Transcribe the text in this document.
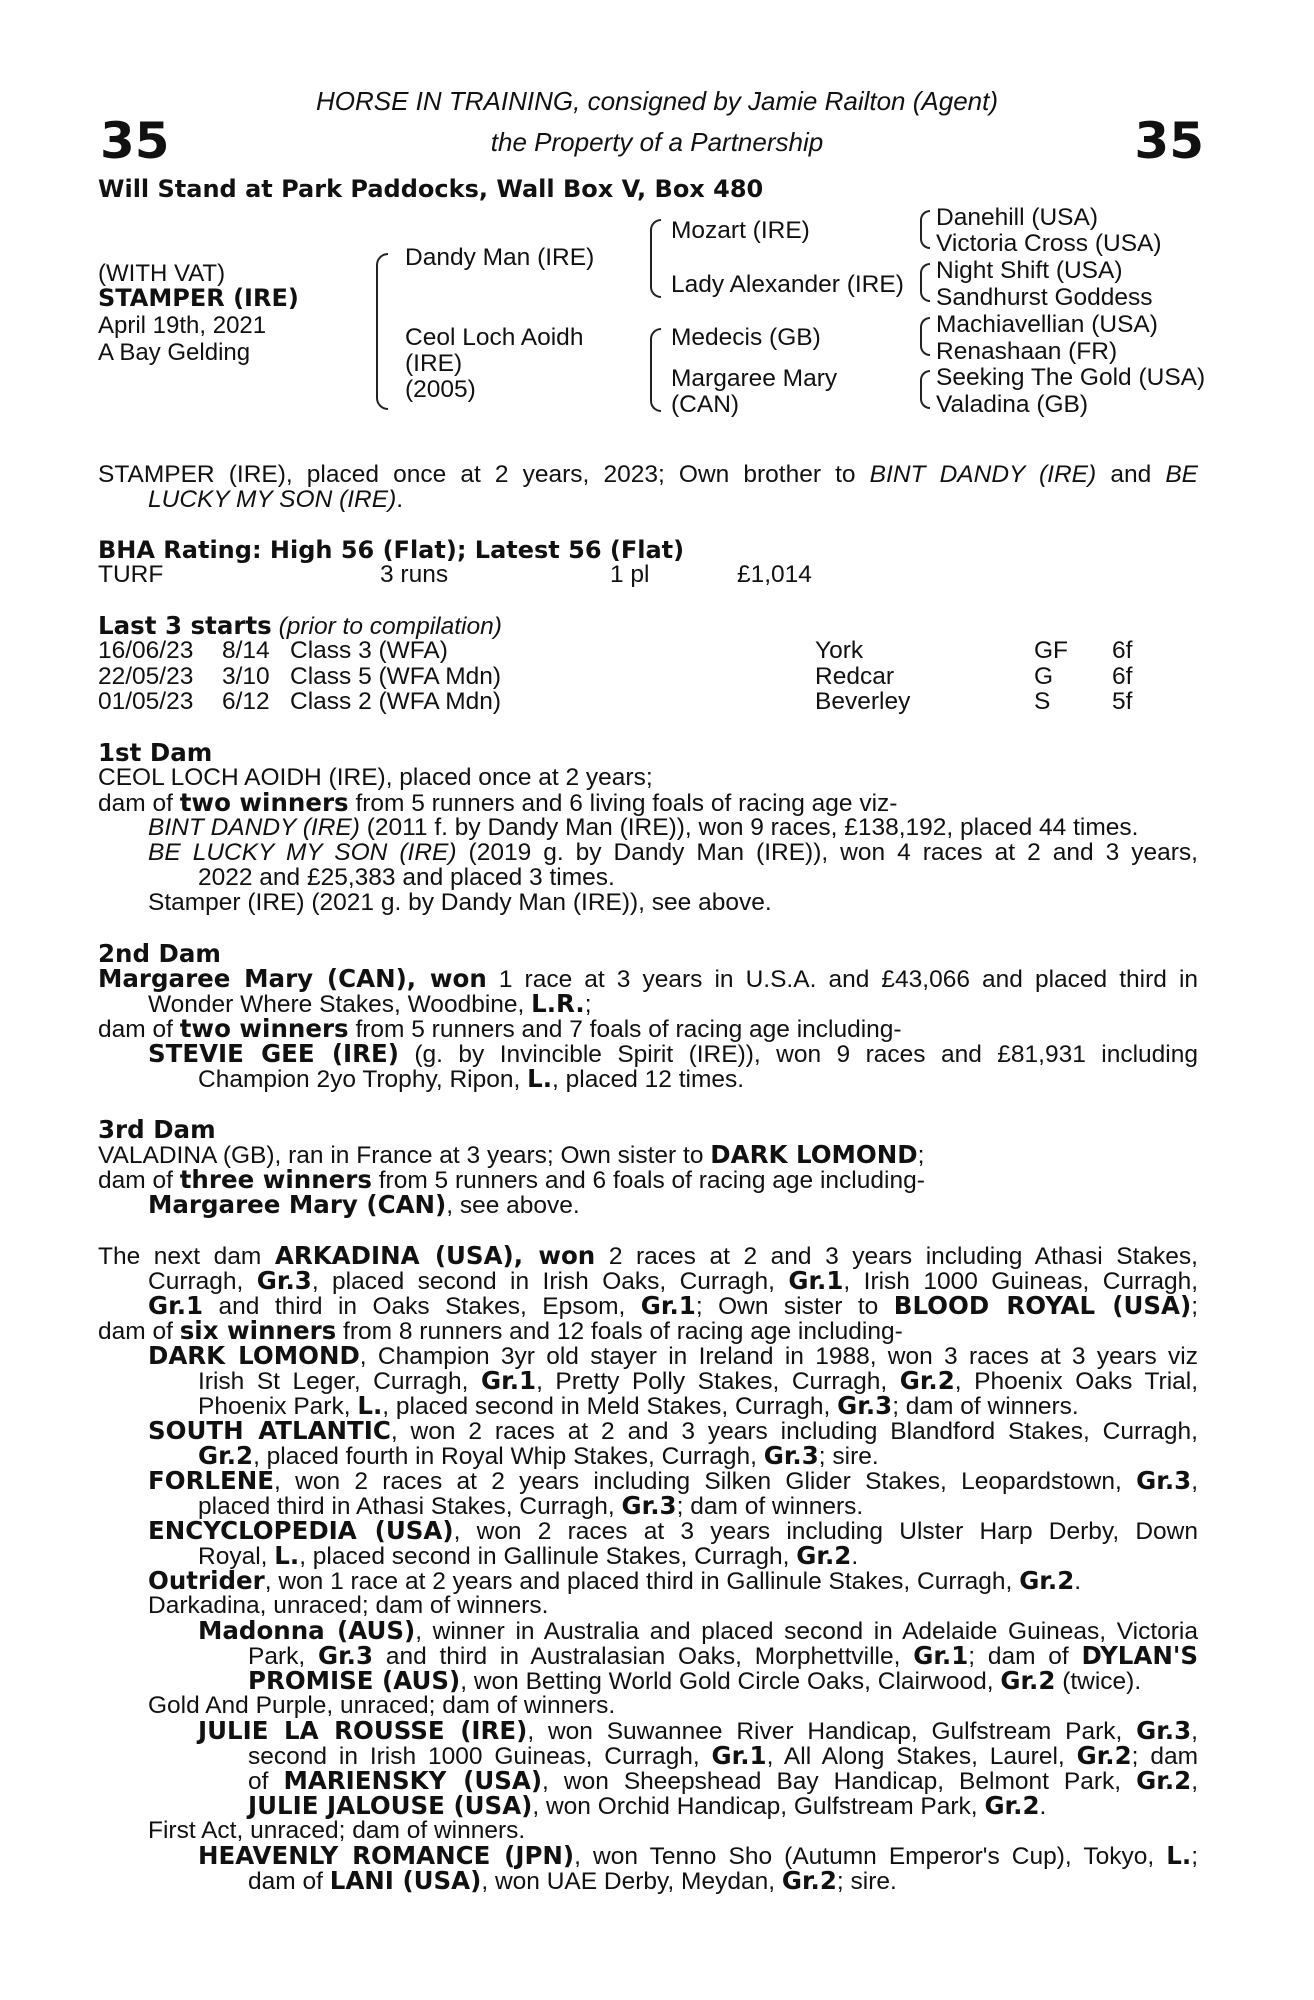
35	35
HORSE IN TRAINING, consigned by Jamie Railton (Agent)
the Property of a Partnership
Will Stand at Park Paddocks, Wall Box V, Box 480
(WITH VAT)
STAMPER (IRE)
April 19th, 2021
A Bay Gelding
Dandy Man (IRE)
Ceol Loch Aoidh
(IRE)
(2005)
Mozart (IRE)
Lady Alexander (IRE)
Medecis (GB)
Margaree Mary
(CAN)
Danehill (USA)
Victoria Cross (USA)
Night Shift (USA)
Sandhurst Goddess
Machiavellian (USA)
Renashaan (FR)
Seeking The Gold (USA)
Valadina (GB)
STAMPER (IRE), placed once at 2 years, 2023; Own brother to BINT DANDY (IRE) and BE
LUCKY MY SON (IRE).
BHA Rating: High 56 (Flat); Latest 56 (Flat)
TURF	3 runs	1 pl	£1,014
Last 3 starts (prior to compilation)
16/06/23 8/14 Class 3 (WFA)	York	GF 6f
22/05/23 3/10 Class 5 (WFA Mdn)	Redcar	G 6f
01/05/23 6/12 Class 2 (WFA Mdn)	Beverley	S	5f
1st Dam
CEOL LOCH AOIDH (IRE), placed once at 2 years;
dam of two winners from 5 runners and 6 living foals of racing age viz-
BINT DANDY (IRE) (2011 f. by Dandy Man (IRE)), won 9 races, £138,192, placed 44 times.
BE LUCKY MY SON (IRE) (2019 g. by Dandy Man (IRE)), won 4 races at 2 and 3 years,
2022 and £25,383 and placed 3 times.
Stamper (IRE) (2021 g. by Dandy Man (IRE)), see above.
2nd Dam
Margaree Mary (CAN), won 1 race at 3 years in U.S.A. and £43,066 and placed third in
Wonder Where Stakes, Woodbine, L.R.;
dam of two winners from 5 runners and 7 foals of racing age including-
STEVIE GEE (IRE) (g. by Invincible Spirit (IRE)), won 9 races and £81,931 including
Champion 2yo Trophy, Ripon, L., placed 12 times.
3rd Dam
VALADINA (GB), ran in France at 3 years; Own sister to DARK LOMOND;
dam of three winners from 5 runners and 6 foals of racing age including-
Margaree Mary (CAN), see above.
The next dam ARKADINA (USA), won 2 races at 2 and 3 years including Athasi Stakes,
Curragh, Gr.3, placed second in Irish Oaks, Curragh, Gr.1, Irish 1000 Guineas, Curragh,
Gr.1 and third in Oaks Stakes, Epsom, Gr.1; Own sister to BLOOD ROYAL (USA);
dam of six winners from 8 runners and 12 foals of racing age including-
DARK LOMOND, Champion 3yr old stayer in Ireland in 1988, won 3 races at 3 years viz
Irish St Leger, Curragh, Gr.1, Pretty Polly Stakes, Curragh, Gr.2, Phoenix Oaks Trial,
Phoenix Park, L., placed second in Meld Stakes, Curragh, Gr.3; dam of winners.
SOUTH ATLANTIC, won 2 races at 2 and 3 years including Blandford Stakes, Curragh,
Gr.2, placed fourth in Royal Whip Stakes, Curragh, Gr.3; sire.
FORLENE, won 2 races at 2 years including Silken Glider Stakes, Leopardstown, Gr.3,
placed third in Athasi Stakes, Curragh, Gr.3; dam of winners.
ENCYCLOPEDIA (USA), won 2 races at 3 years including Ulster Harp Derby, Down
Royal, L., placed second in Gallinule Stakes, Curragh, Gr.2.
Outrider, won 1 race at 2 years and placed third in Gallinule Stakes, Curragh, Gr.2.
Darkadina, unraced; dam of winners.
Madonna (AUS), winner in Australia and placed second in Adelaide Guineas, Victoria
Park, Gr.3 and third in Australasian Oaks, Morphettville, Gr.1; dam of DYLAN'S
PROMISE (AUS), won Betting World Gold Circle Oaks, Clairwood, Gr.2 (twice).
Gold And Purple, unraced; dam of winners.
JULIE LA ROUSSE (IRE), won Suwannee River Handicap, Gulfstream Park, Gr.3,
second in Irish 1000 Guineas, Curragh, Gr.1, All Along Stakes, Laurel, Gr.2; dam
of MARIENSKY (USA), won Sheepshead Bay Handicap, Belmont Park, Gr.2,
JULIE JALOUSE (USA), won Orchid Handicap, Gulfstream Park, Gr.2.
First Act, unraced; dam of winners.
HEAVENLY ROMANCE (JPN), won Tenno Sho (Autumn Emperor's Cup), Tokyo, L.;
dam of LANI (USA), won UAE Derby, Meydan, Gr.2; sire.
